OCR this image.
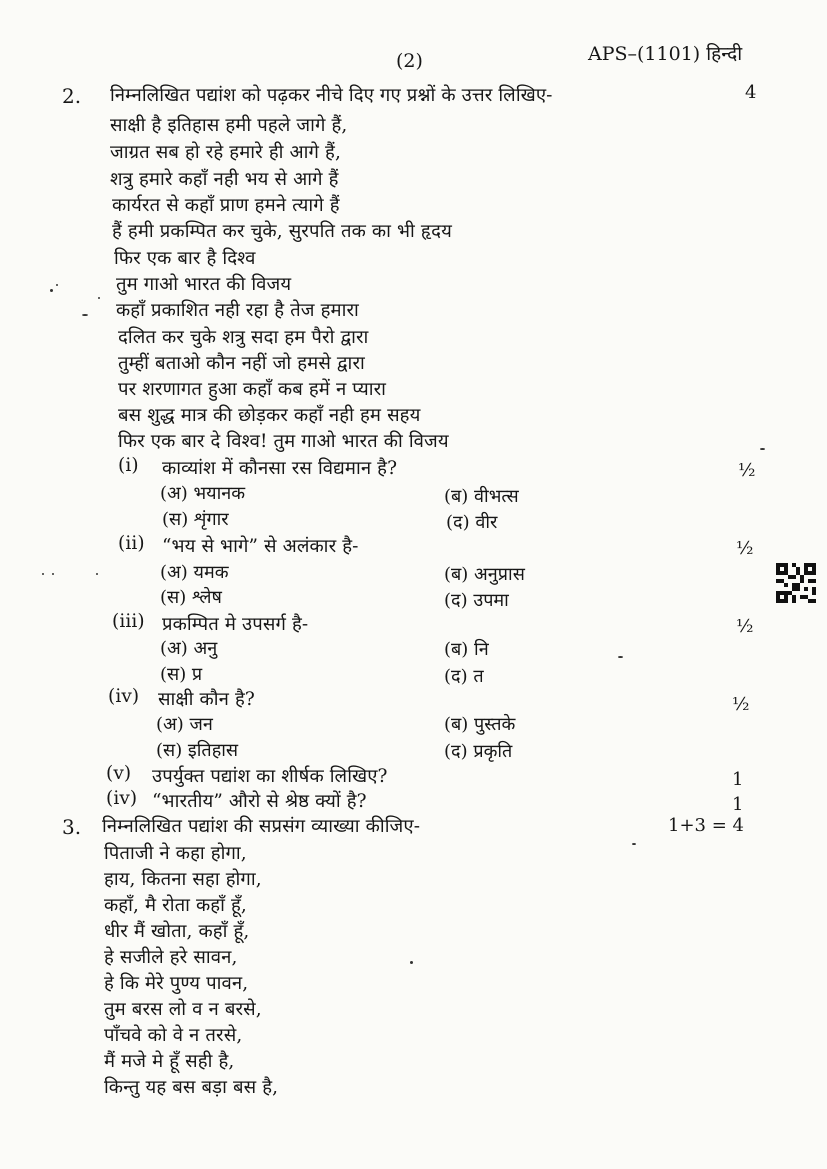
(2)	APS–(1101) हिन्दी
2. निम्नलिखित पद्यांश को पढ़कर नीचे दिए गए प्रश्नों के उत्तर लिखिए-	4
साक्षी है इतिहास हमी पहले जागे हैं,
जाग्रत सब हो रहे हमारे ही आगे हैं,
शत्रु हमारे कहाँ नही भय से आगे हैं
कार्यरत से कहाँ प्राण हमने त्यागे हैं
हैं हमी प्रकम्पित कर चुके, सुरपति तक का भी हृदय
फिर एक बार है दिश्व
तुम गाओ भारत की विजय
कहाँ प्रकाशित नही रहा है तेज हमारा
दलित कर चुके शत्रु सदा हम पैरो द्वारा
तुम्हीं बताओ कौन नहीं जो हमसे द्वारा
पर शरणागत हुआ कहाँ कब हमें न प्यारा
बस शुद्ध मात्र की छोड़कर कहाँ नही हम सहय
फिर एक बार दे विश्व! तुम गाओ भारत की विजय
(i) काव्यांश में कौनसा रस विद्यमान है?	½
(अ) भयानक	(ब) वीभत्स
(स) शृंगार	(द) वीर
(ii) “भय से भागे” से अलंकार है-	½
(अ) यमक	(ब) अनुप्रास
(स) श्लेष	(द) उपमा
(iii) प्रकम्पित मे उपसर्ग है-	½
(अ) अनु	(ब) नि
(स) प्र	(द) त
(iv) साक्षी कौन है?	½
(अ) जन	(ब) पुस्तके
(स) इतिहास	(द) प्रकृति
(v) उपर्युक्त पद्यांश का शीर्षक लिखिए?	1
(iv) “भारतीय” औरो से श्रेष्ठ क्यों है?	1
3. निम्नलिखित पद्यांश की सप्रसंग व्याख्या कीजिए-	1+3 = 4
पिताजी ने कहा होगा,
हाय, कितना सहा होगा,
कहाँ, मै रोता कहाँ हूँ,
धीर मैं खोता, कहाँ हूँ,
हे सजीले हरे सावन,
हे कि मेरे पुण्य पावन,
तुम बरस लो व न बरसे,
पाँचवे को वे न तरसे,
मैं मजे मे हूँ सही है,
किन्तु यह बस बड़ा बस है,
